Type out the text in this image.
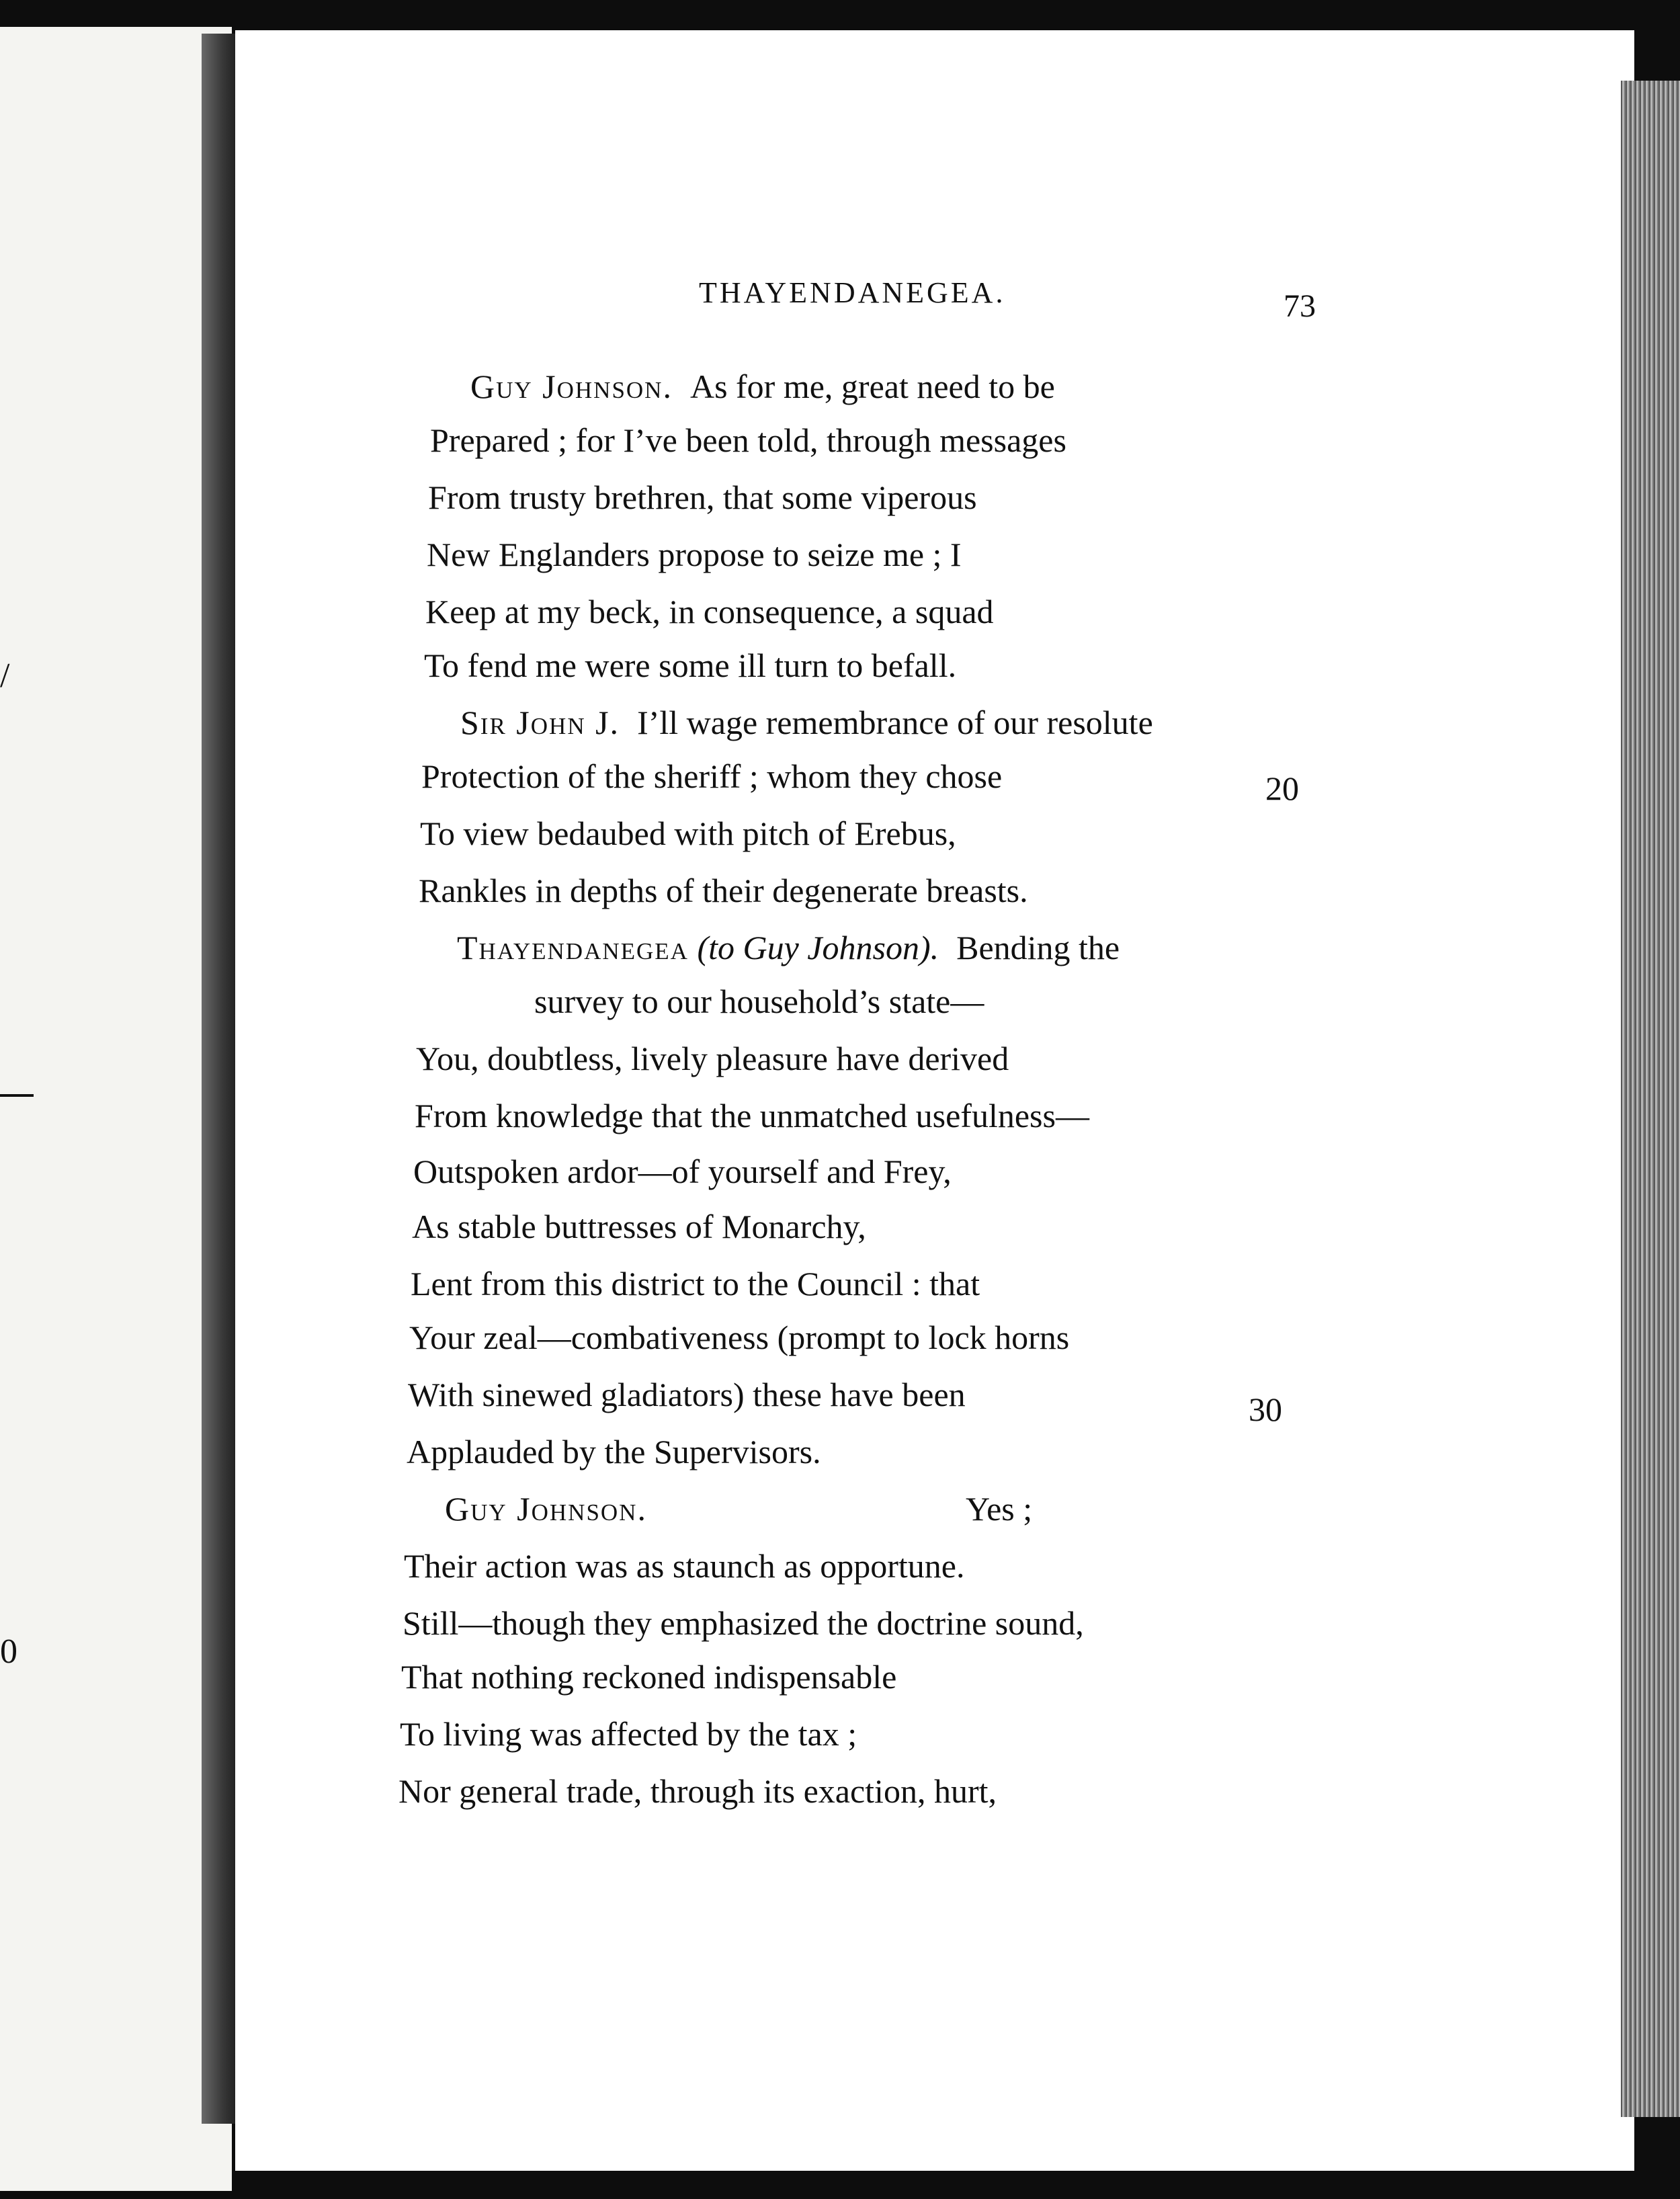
/
0
THAYENDANEGEA.	73
Guy Johnson. As for me, great need to be
Prepared ; for I’ve been told, through messages
From trusty brethren, that some viperous
New Englanders propose to seize me ; I
Keep at my beck, in consequence, a squad
To fend me were some ill turn to befall.
Sir John J. I’ll wage remembrance of our resolute
Protection of the sheriff ; whom they chose	20
To view bedaubed with pitch of Erebus,
Rankles in depths of their degenerate breasts.
Thayendanegea (to Guy Johnson). Bending the
survey to our household’s state—
You, doubtless, lively pleasure have derived
From knowledge that the unmatched usefulness—
Outspoken ardor—of yourself and Frey,
As stable buttresses of Monarchy,
Lent from this district to the Council : that
Your zeal—combativeness (prompt to lock horns
With sinewed gladiators) these have been	30
Applauded by the Supervisors.
Guy Johnson.	Yes ;
Their action was as staunch as opportune.
Still—though they emphasized the doctrine sound,
That nothing reckoned indispensable
To living was affected by the tax ;
Nor general trade, through its exaction, hurt,
